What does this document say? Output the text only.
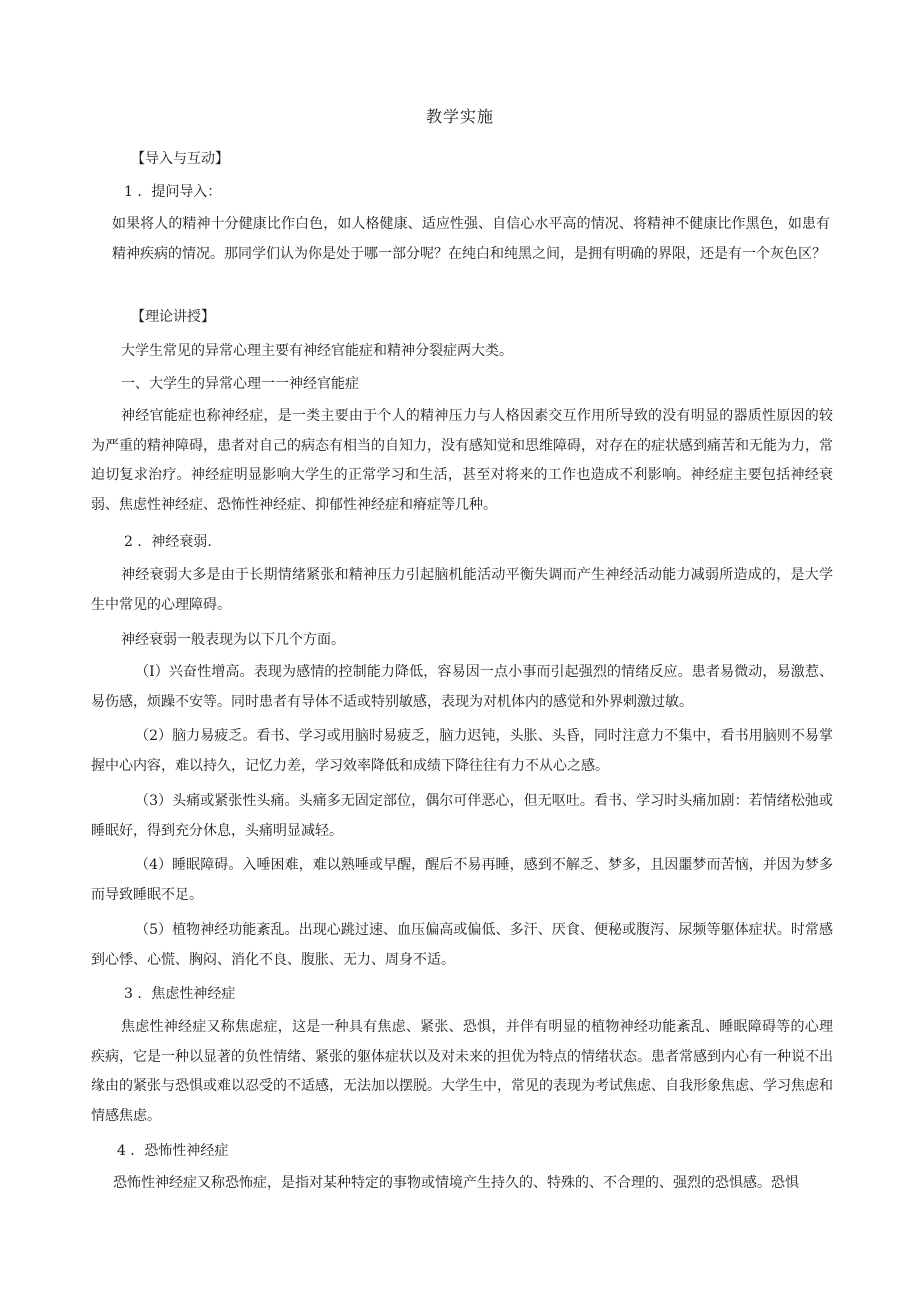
教学实施
【导入与互动】
1 ．提问导入：
如果将人的精神十分健康比作白色，如人格健康、适应性强、自信心水平高的情况、将精神不健康比作黑色，如患有精神疾病的情况。那同学们认为你是处于哪一部分呢？在纯白和纯黑之间，是拥有明确的界限，还是有一个灰色区？
【理论讲授】
大学生常见的异常心理主要有神经官能症和精神分裂症两大类。
一、大学生的异常心理一一神经官能症
神经官能症也称神经症，是一类主要由于个人的精神压力与人格因素交互作用所导致的没有明显的器质性原因的较为严重的精神障碍，患者对自己的病态有相当的自知力，没有感知觉和思维障碍，对存在的症状感到痛苦和无能为力，常迫切复求治疗。神经症明显影响大学生的正常学习和生活，甚至对将来的工作也造成不利影响。神经症主要包括神经衰弱、焦虑性神经症、恐怖性神经症、抑郁性神经症和瘠症等几种。
2 ．神经衰弱.
神经衰弱大多是由于长期情绪紧张和精神压力引起脑机能活动平衡失调而产生神经活动能力减弱所造成的，是大学生中常见的心理障碍。
神经衰弱一般表现为以下几个方面。
（I）兴奋性增高。表现为感情的控制能力降低，容易因一点小事而引起强烈的情绪反应。患者易微动，易激惹、易伤感，烦躁不安等。同时患者有导体不适或特别敏感，表现为对机体内的感觉和外界剌激过敏。
（2）脑力易疲乏。看书、学习或用脑时易疲乏，脑力迟钝，头胀、头昏，同时注意力不集中，看书用脑则不易掌握中心内容，难以持久，记忆力差，学习效率降低和成绩下降往往有力不从心之感。
（3）头痛或紧张性头痛。头痛多无固定部位，偶尔可伴恶心，但无呕吐。看书、学习时头痛加剧：若情绪松弛或睡眠好，得到充分休息，头痛明显减轻。
（4）睡眠障碍。入唾困难，难以熟唾或早醒，醒后不易再睡，感到不解乏、梦多，且因噩梦而苦恼，并因为梦多而导致睡眠不足。
（5）植物神经功能紊乱。出现心跳过速、血压偏高或偏低、多汗、厌食、便秘或腹泻、尿频等躯体症状。时常感到心悸、心慌、胸闷、消化不良、腹胀、无力、周身不适。
3 ．焦虑性神经症
焦虑性神经症又称焦虑症，这是一种具有焦虑、紧张、恐惧，并伴有明显的植物神经功能紊乱、睡眠障碍等的心理疾病，它是一种以显著的负性情绪、紧张的躯体症状以及对未来的担优为特点的情绪状态。患者常感到内心有一种说不出缘由的紧张与恐惧或难以忍受的不适感，无法加以摆脱。大学生中，常见的表现为考试焦虑、自我形象焦虑、学习焦虑和情感焦虑。
4 ．恐怖性神经症
恐怖性神经症又称恐怖症，是指对某种特定的事物或情境产生持久的、特殊的、不合理的、强烈的恐惧感。恐惧
